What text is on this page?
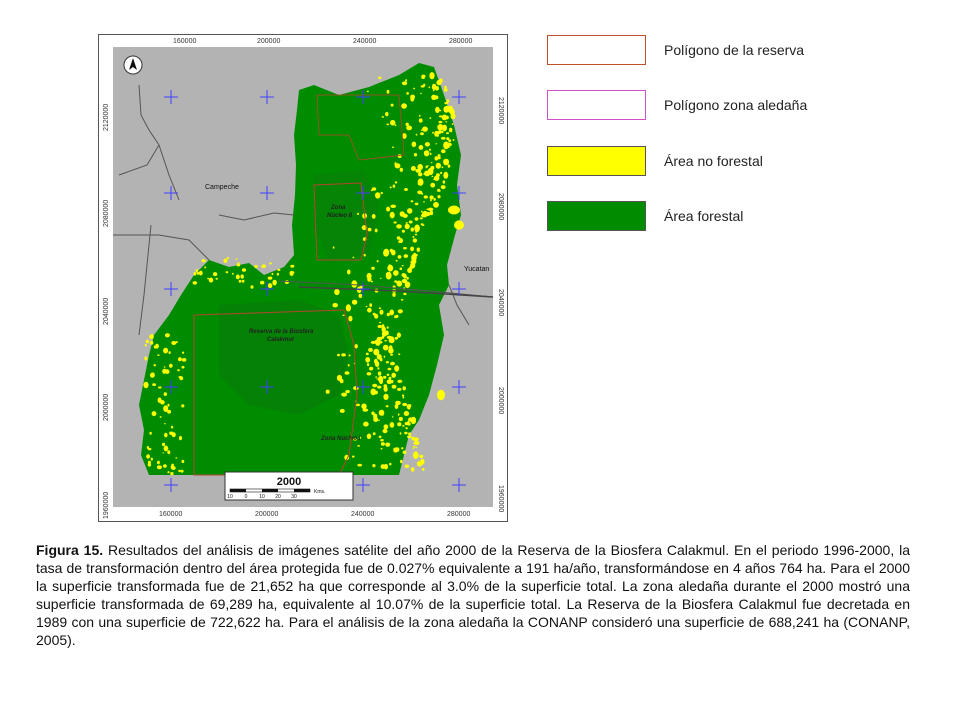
160000	200000	240000	280000
160000	200000	240000	280000
2120000
2080000
2040000
2000000
1960000
2120000
2080000
2040000
2000000
1960000
Campeche
Yucatan
Zona
Núcleo II
Reserva de la Biosfera
Calakmul
Zona Núcleo I
2000
10 0 10 20 30
Kms.
Polígono de la reserva
Polígono zona aledaña
Área no forestal
Área forestal
Figura 15. Resultados del análisis de imágenes satélite del año 2000 de la Reserva de la Biosfera Calakmul. En el periodo 1996-2000, la tasa de transformación dentro del área protegida fue de 0.027% equivalente a 191 ha/año, transformándose en 4 años 764 ha. Para el 2000 la superficie transformada fue de 21,652 ha que corresponde al 3.0% de la superficie total. La zona aledaña durante el 2000 mostró una superficie transformada de 69,289 ha, equivalente al 10.07% de la superficie total. La Reserva de la Biosfera Calakmul fue decretada en 1989 con una superficie de 722,622 ha. Para el análisis de la zona aledaña la CONANP consideró una superficie de 688,241 ha (CONANP, 2005).
